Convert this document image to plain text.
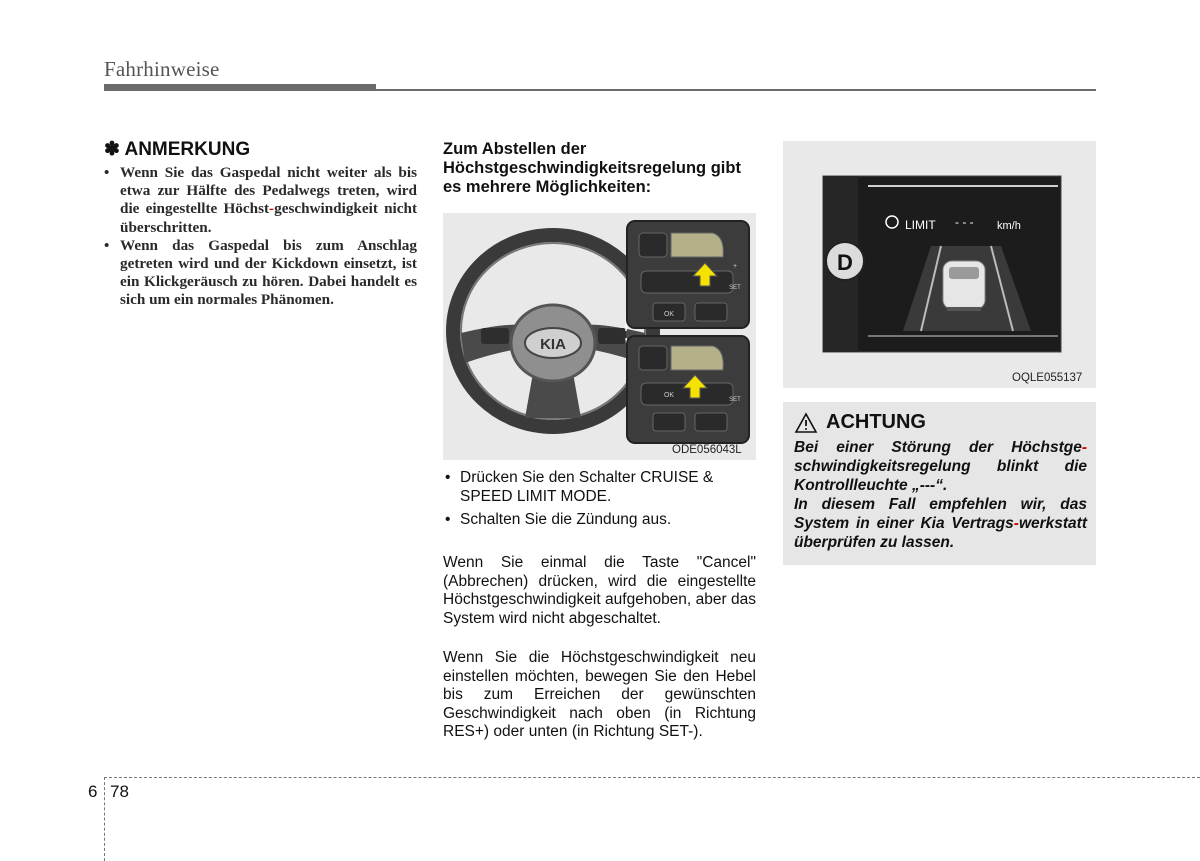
Fahrhinweise
✽ ANMERKUNG
• Wenn Sie das Gaspedal nicht weiter als bis etwa zur Hälfte des Pedalwegs treten, wird die eingestellte Höchst-geschwindigkeit nicht überschritten.
• Wenn das Gaspedal bis zum Anschlag getreten wird und der Kickdown einsetzt, ist ein Klickgeräusch zu hören. Dabei handelt es sich um ein normales Phänomen.
Zum Abstellen der Höchstgeschwindigkeitsregelung gibt es mehrere Möglichkeiten:
KIA
OK
SET
+
OK
SET
ODE056043L
• Drücken Sie den Schalter CRUISE & SPEED LIMIT MODE.
• Schalten Sie die Zündung aus.

Wenn Sie einmal die Taste "Cancel" (Abbrechen) drücken, wird die eingestellte Höchstgeschwindigkeit aufgehoben, aber das System wird nicht abgeschaltet.

Wenn Sie die Höchstgeschwindigkeit neu einstellen möchten, bewegen Sie den Hebel bis zum Erreichen der gewünschten Geschwindigkeit nach oben (in Richtung RES+) oder unten (in Richtung SET-).

D
LIMIT - - - km/h
OQLE055137
ACHTUNG
Bei einer Störung der Höchstge-schwindigkeitsregelung blinkt die Kontrollleuchte „---“.
In diesem Fall empfehlen wir, das System in einer Kia Vertrags-werkstatt überprüfen zu lassen.
6 78
